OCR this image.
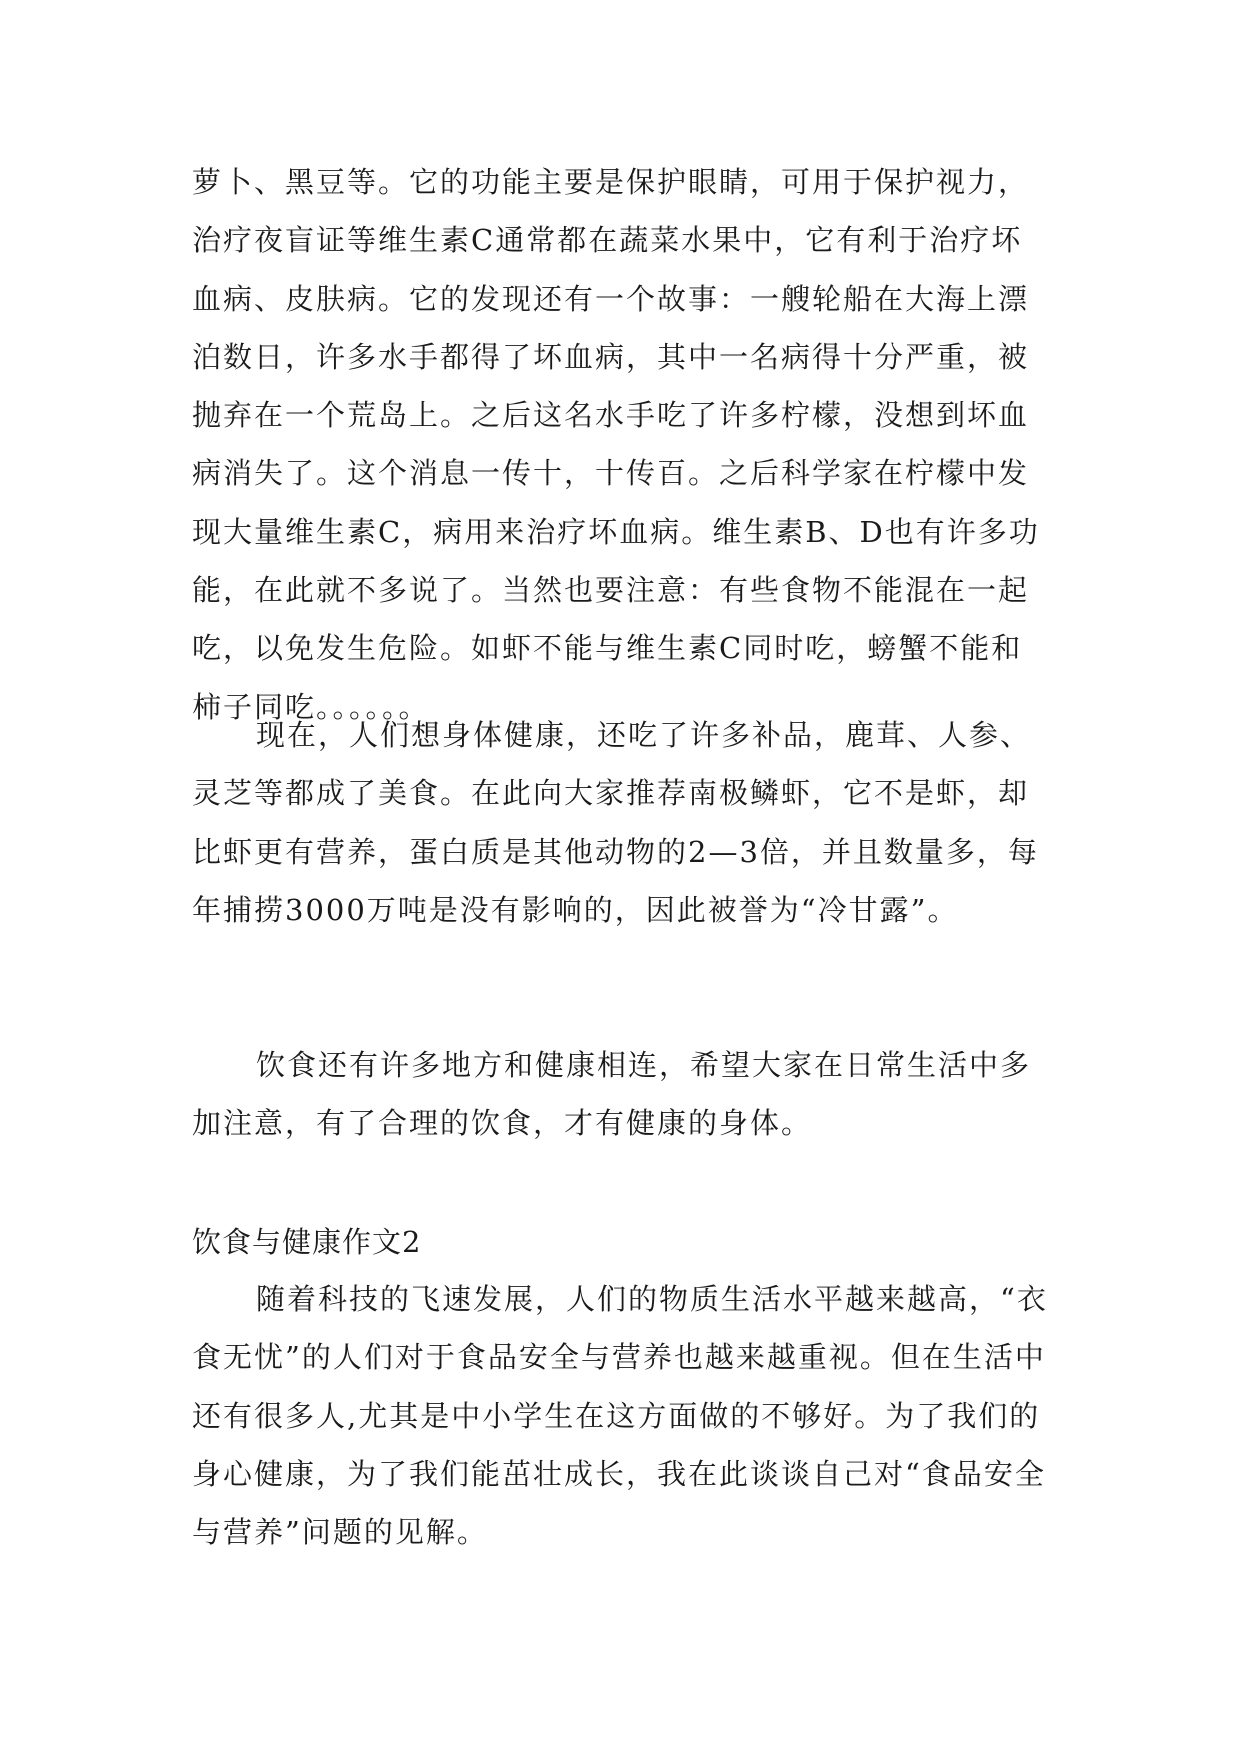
萝卜、黑豆等。它的功能主要是保护眼睛，可用于保护视力，治疗夜盲证等维生素C通常都在蔬菜水果中，它有利于治疗坏血病、皮肤病。它的发现还有一个故事：一艘轮船在大海上漂泊数日，许多水手都得了坏血病，其中一名病得十分严重，被抛弃在一个荒岛上。之后这名水手吃了许多柠檬，没想到坏血病消失了。这个消息一传十，十传百。之后科学家在柠檬中发现大量维生素C，病用来治疗坏血病。维生素B、D也有许多功能，在此就不多说了。当然也要注意：有些食物不能混在一起吃，以免发生危险。如虾不能与维生素C同时吃，螃蟹不能和柿子同吃。。。。。。

现在，人们想身体健康，还吃了许多补品，鹿茸、人参、灵芝等都成了美食。在此向大家推荐南极鳞虾，它不是虾，却比虾更有营养，蛋白质是其他动物的2—3倍，并且数量多，每年捕捞3000万吨是没有影响的，因此被誉为“冷甘露”。

饮食还有许多地方和健康相连，希望大家在日常生活中多加注意，有了合理的饮食，才有健康的身体。

饮食与健康作文2

随着科技的飞速发展，人们的物质生活水平越来越高，“衣食无忧”的人们对于食品安全与营养也越来越重视。但在生活中还有很多人,尤其是中小学生在这方面做的不够好。为了我们的身心健康，为了我们能茁壮成长，我在此谈谈自己对“食品安全与营养”问题的见解。
